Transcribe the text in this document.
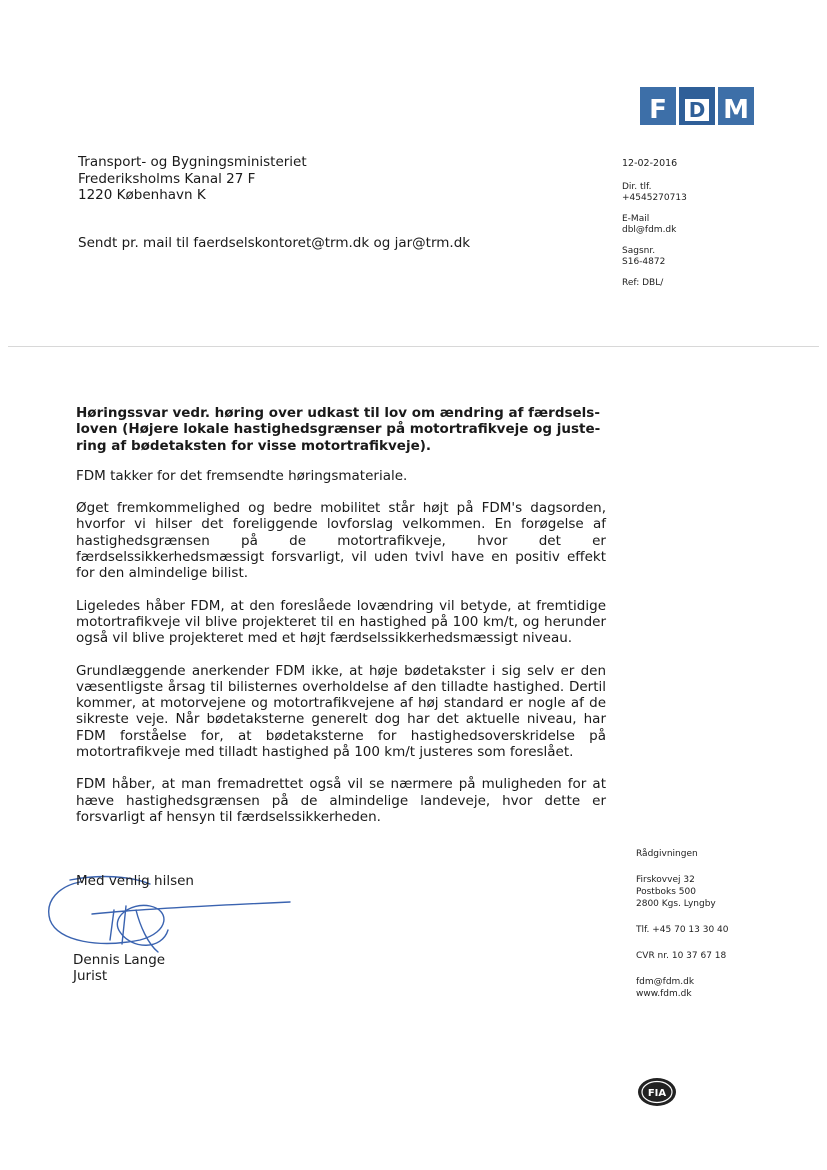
F	D M
Transport- og Bygningsministeriet
Frederiksholms Kanal 27 F
1220 København K
Sendt pr. mail til faerdselskontoret@trm.dk og jar@trm.dk
12-02-2016
Dir. tlf.
+4545270713
E-Mail
dbl@fdm.dk
Sagsnr.
S16-4872
Ref: DBL/
Høringssvar vedr. høring over udkast til lov om ændring af færdsels-loven (Højere lokale hastighedsgrænser på motortrafikveje og juste-ring af bødetaksten for visse motortrafikveje).

FDM takker for det fremsendte høringsmateriale.

Øget fremkommelighed og bedre mobilitet står højt på FDM's dagsorden, hvorfor vi hilser det foreliggende lovforslag velkommen. En forøgelse af hastighedsgrænsen på de motortrafikveje, hvor det er færdselssikkerhedsmæssigt forsvarligt, vil uden tvivl have en positiv effekt for den almindelige bilist.

Ligeledes håber FDM, at den foreslåede lovændring vil betyde, at fremtidige motortrafikveje vil blive projekteret til en hastighed på 100 km/t, og herunder også vil blive projekteret med et højt færdselssikkerhedsmæssigt niveau.

Grundlæggende anerkender FDM ikke, at høje bødetakster i sig selv er den væsentligste årsag til bilisternes overholdelse af den tilladte hastighed. Dertil kommer, at motorvejene og motortrafikvejene af høj standard er nogle af de sikreste veje. Når bødetaksterne generelt dog har det aktuelle niveau, har FDM forståelse for, at bødetaksterne for hastighedsoverskridelse på motortrafikveje med tilladt hastighed på 100 km/t justeres som foreslået.

FDM håber, at man fremadrettet også vil se nærmere på muligheden for at hæve hastighedsgrænsen på de almindelige landeveje, hvor dette er forsvarligt af hensyn til færdselssikkerheden.

Med venlig hilsen
Dennis Lange
Jurist
Rådgivningen
Firskovvej 32
Postboks 500
2800 Kgs. Lyngby
Tlf. +45 70 13 30 40
CVR nr. 10 37 67 18
fdm@fdm.dk
www.fdm.dk
FIA
